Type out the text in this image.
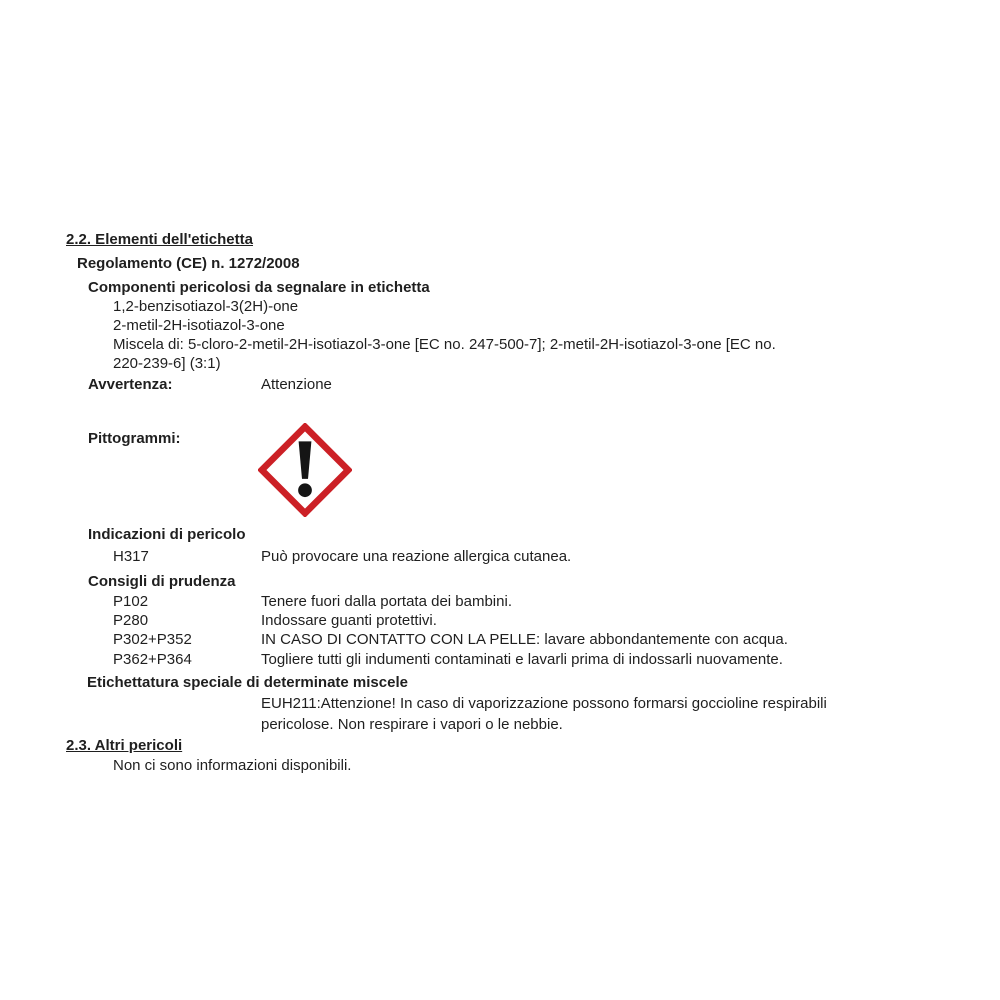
2.2. Elementi dell'etichetta
Regolamento (CE) n. 1272/2008
Componenti pericolosi da segnalare in etichetta
1,2-benzisotiazol-3(2H)-one
2-metil-2H-isotiazol-3-one
Miscela di: 5-cloro-2-metil-2H-isotiazol-3-one [EC no. 247-500-7]; 2-metil-2H-isotiazol-3-one [EC no.
220-239-6] (3:1)
Avvertenza:	Attenzione
Pittogrammi:
Indicazioni di pericolo
H317	Può provocare una reazione allergica cutanea.
Consigli di prudenza
P102	Tenere fuori dalla portata dei bambini.
P280	Indossare guanti protettivi.
P302+P352	IN CASO DI CONTATTO CON LA PELLE: lavare abbondantemente con acqua.
P362+P364	Togliere tutti gli indumenti contaminati e lavarli prima di indossarli nuovamente.
Etichettatura speciale di determinate miscele
EUH211:Attenzione! In caso di vaporizzazione possono formarsi goccioline respirabili
pericolose. Non respirare i vapori o le nebbie.
2.3. Altri pericoli
Non ci sono informazioni disponibili.
